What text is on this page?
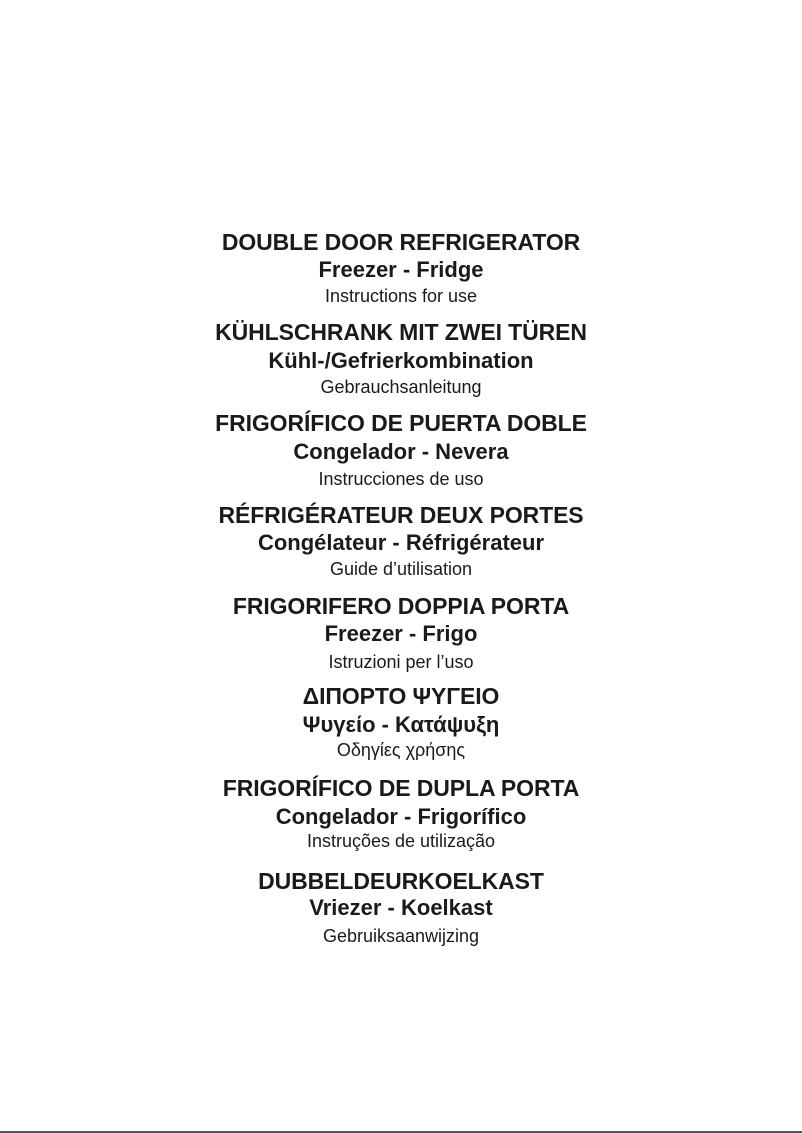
DOUBLE DOOR REFRIGERATOR
Freezer - Fridge
Instructions for use
KÜHLSCHRANK MIT ZWEI TÜREN
Kühl-/Gefrierkombination
Gebrauchsanleitung
FRIGORÍFICO DE PUERTA DOBLE
Congelador - Nevera
Instrucciones de uso
RÉFRIGÉRATEUR DEUX PORTES
Congélateur - Réfrigérateur
Guide d’utilisation
FRIGORIFERO DOPPIA PORTA
Freezer - Frigo
Istruzioni per l’uso
ΔΙΠΟΡΤΟ ΨΥΓΕΙΟ
Ψυγείο - Κατάψυξη
Οδηγίες χρήσης
FRIGORÍFICO DE DUPLA PORTA
Congelador - Frigorífico
Instruções de utilização
DUBBELDEURKOELKAST
Vriezer - Koelkast
Gebruiksaanwijzing
